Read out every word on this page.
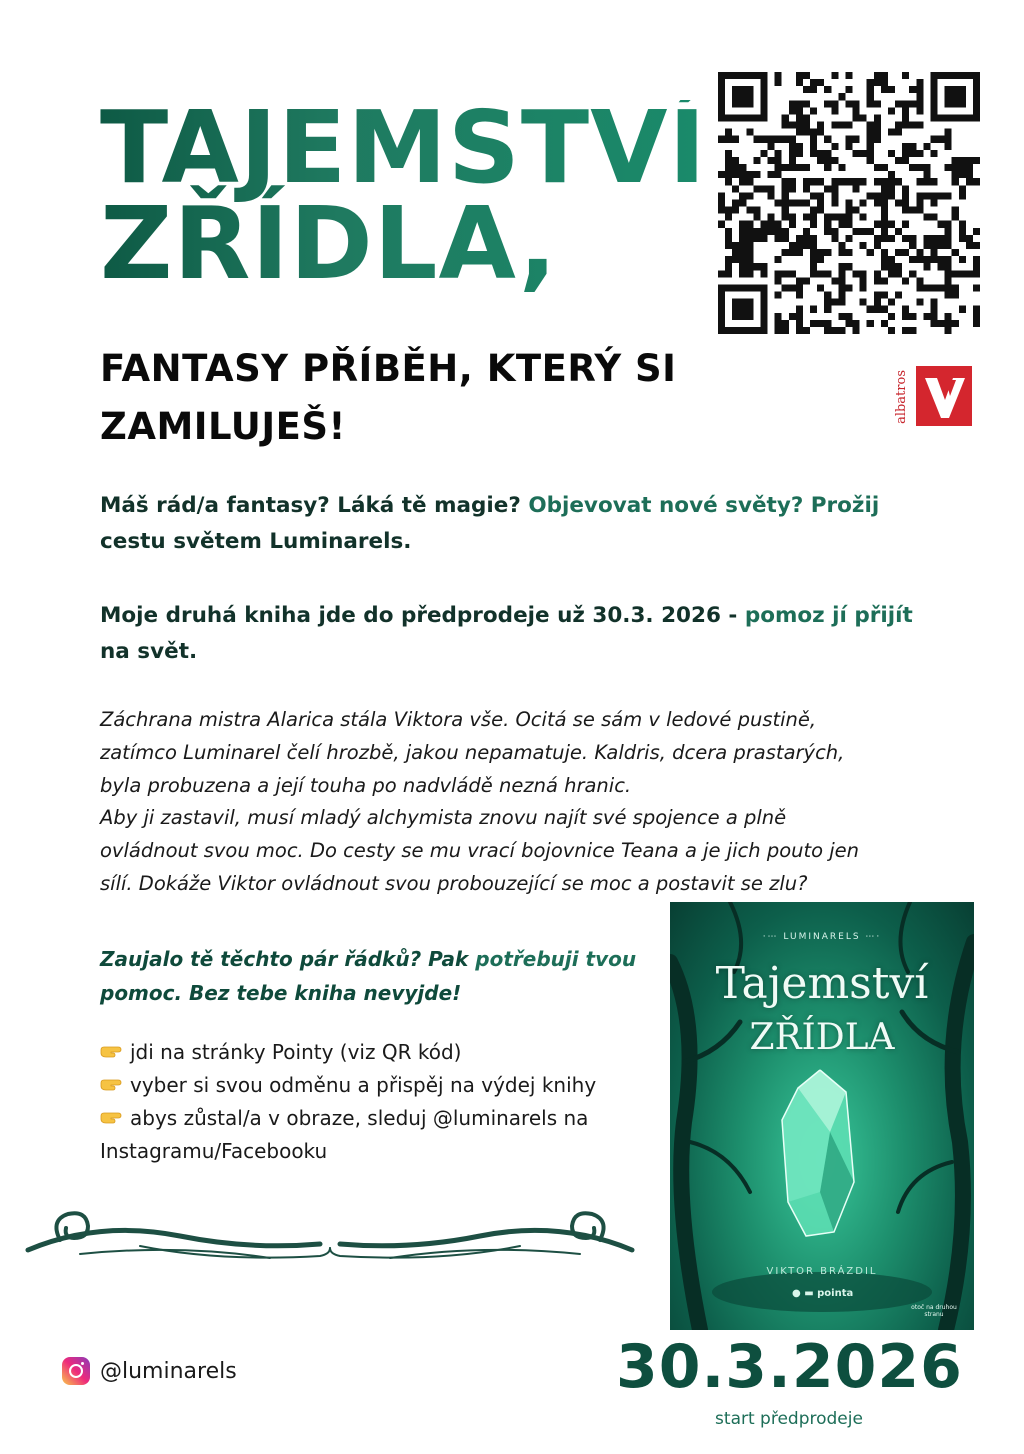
TAJEMSTVÍ
ZŘÍDLA,
FANTASY PŘÍBĚH, KTERÝ SI
ZAMILUJEŠ!
albatros

Máš rád/a fantasy? Láká tě magie? Objevovat nové světy? Prožij
cestu světem Luminarels.

Moje druhá kniha jde do předprodeje už 30.3. 2026 - pomoz jí přijít
na svět.

Záchrana mistra Alarica stála Viktora vše. Ocitá se sám v ledové pustině,
zatímco Luminarel čelí hrozbě, jakou nepamatuje. Kaldris, dcera prastarých,
byla probuzena a její touha po nadvládě nezná hranic.
Aby ji zastavil, musí mladý alchymista znovu najít své spojence a plně
ovládnout svou moc. Do cesty se mu vrací bojovnice Teana a je jich pouto jen
sílí. Dokáže Viktor ovládnout svou probouzející se moc a postavit se zlu?

Zaujalo tě těchto pár řádků? Pak potřebuji tvou
pomoc. Bez tebe kniha nevyjde!

jdi na stránky Pointy (viz QR kód)
vyber si svou odměnu a přispěj na výdej knihy
abys zůstal/a v obraze, sleduj @luminarels na
Instagramu/Facebooku
·⋯ LUMINARELS ⋯·
Tajemství
ZŘÍDLA
VIKTOR BRÁZDIL
● ▬ pointa
otoč na druhou stranu
30.3.2026
start předprodeje
@luminarels
